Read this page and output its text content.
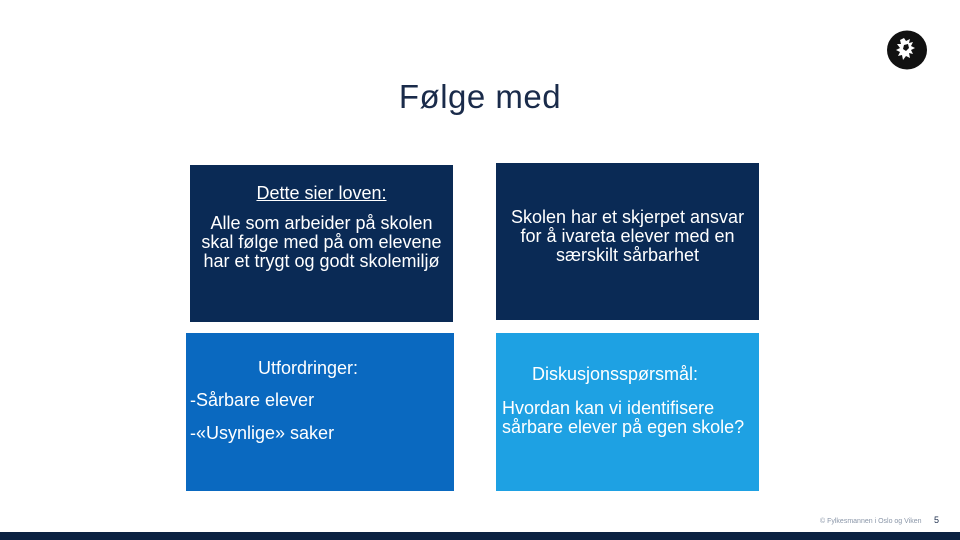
Følge med
Dette sier loven:
Alle som arbeider på skolen skal følge med på om elevene har et trygt og godt skolemiljø
Skolen har et skjerpet ansvar for å ivareta elever med en særskilt sårbarhet
Utfordringer:
-Sårbare elever
-«Usynlige» saker
Diskusjonsspørsmål:
Hvordan kan vi identifisere sårbare elever på egen skole?
© Fylkesmannen i Oslo og Viken 5
